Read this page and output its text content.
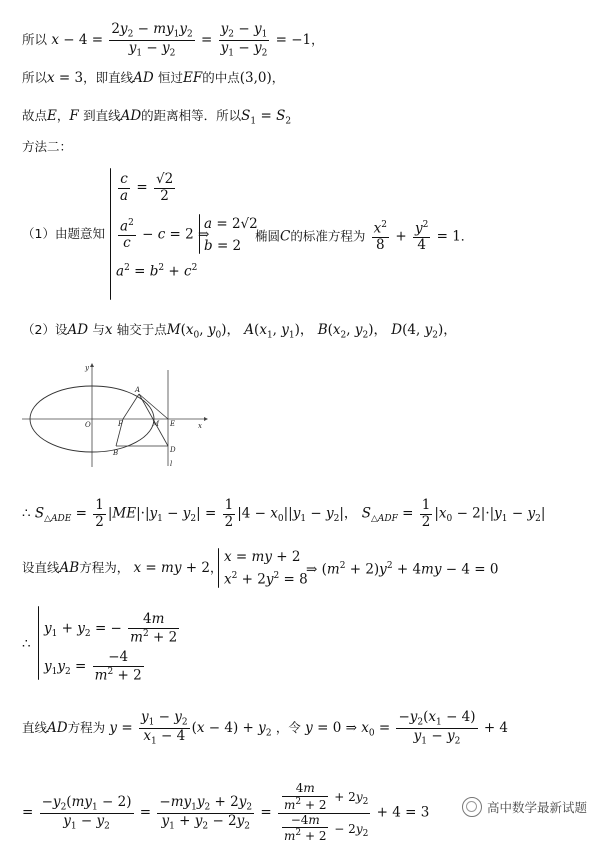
所以 $x - 4 = \frac{2y_2 - my_1y_2}{y_1 - y_2} = \frac{y_2 - y_1}{y_1 - y_2} = -1$，
所以x = 3，即直线AD 恒过EF的中点(3,0)，
故点E，F 到直线AD的距离相等．所以$S_1 = S_2$
方法二：
（1）由题意知
$\frac{c}{a} = \frac{√2}{2}$
$\frac{a^2}{c} - c = 2$ ⇒
a = 2√2
b = 2
椭圆C的标准方程为 $\frac{x^2}{8} + \frac{y^2}{4} = 1$．
$a^2 = b^2 + c^2$
（2）设AD 与x 轴交于点$M(x_0$, $y_0$)， $A(x_1$, $y_1$)， $B(x_2$, $y_2$)， D(4, $y_2$)，
y
O	F	M E	x
A
B	D
l
∴ $S_{\triangle ADE} = \frac{1}{2} |ME|\cdot|y_1 - y_2| = \frac{1}{2} |4 - x_0||y_1 - y_2|$， $S_{\triangle ADF} = \frac{1}{2} |x_0 - 2|\cdot|y_1 - y_2|$
设直线AB方程为， x = my + 2，
x = my + 2
$x^2 + 2y^2 = 8$
⇒ $(m^2 + 2)y^2 + 4my - 4 = 0$
∴
$y_1 + y_2$ = − $\frac{4m}{m^2 + 2}$
$y_1y_2 = \frac{-4}{m^2 + 2}$
直线AD方程为 $y = \frac{y_1 - y_2}{x_1 - 4} (x - 4) + y_2$ ，令 y = 0 ⇒ $x_0 = \frac{-y_2(x_1 - 4)}{y_1 - y_2} + 4$
= $\frac{-y_2(my_1 - 2)}{y_1 - y_2} = \frac{-my_1y_2 + 2y_2}{y_1 + y_2 - 2y_2} = \frac{\frac{4m}{m^2 + 2} + 2y_2}{\frac{-4m}{m^2 + 2} - 2y_2} + 4 = 3$	高中数学最新试题
